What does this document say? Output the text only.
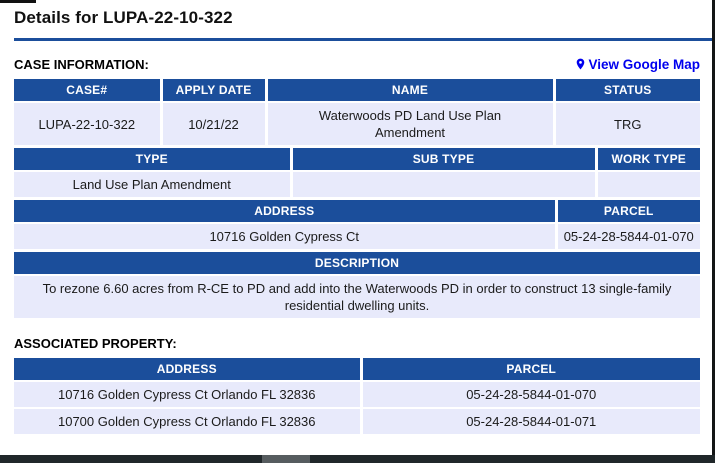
Details for LUPA-22-10-322
CASE INFORMATION:	View Google Map
CASE#	APPLY DATE	NAME	STATUS
LUPA-22-10-322	10/21/22	Waterwoods PD Land Use Plan Amendment	TRG
TYPE	SUB TYPE	WORK TYPE
Land Use Plan Amendment		
ADDRESS	PARCEL
10716 Golden Cypress Ct	05-24-28-5844-01-070
DESCRIPTION
To rezone 6.60 acres from R-CE to PD and add into the Waterwoods PD in order to construct 13 single-family residential dwelling units.
ASSOCIATED PROPERTY:
ADDRESS	PARCEL
10716 Golden Cypress Ct Orlando FL 32836	05-24-28-5844-01-070
10700 Golden Cypress Ct Orlando FL 32836	05-24-28-5844-01-071
